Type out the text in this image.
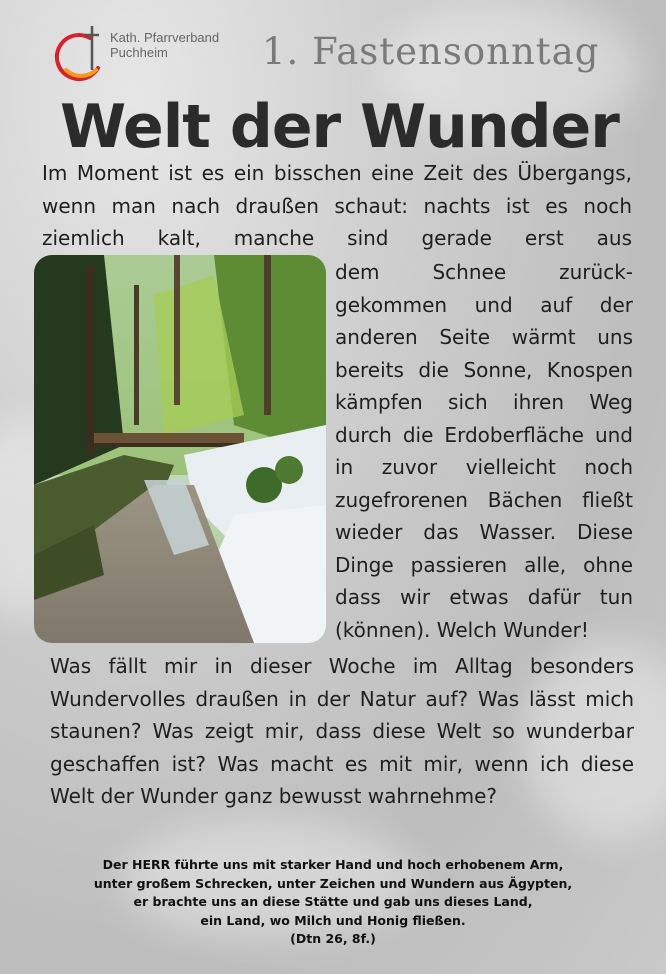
Kath. Pfarrverband
Puchheim	1. Fastensonntag
Welt der Wunder
Im Moment ist es ein bisschen eine Zeit des Übergangs, wenn man nach draußen schaut: nachts ist es noch ziemlich kalt, manche sind gerade erst aus
dem Schnee zurück-gekommen und auf der anderen Seite wärmt uns bereits die Sonne, Knospen kämpfen sich ihren Weg durch die Erdoberfläche und in zuvor vielleicht noch zugefrorenen Bächen fließt wieder das Wasser. Diese Dinge passieren alle, ohne dass wir etwas dafür tun (können). Welch Wunder!
Was fällt mir in dieser Woche im Alltag besonders Wundervolles draußen in der Natur auf? Was lässt mich staunen? Was zeigt mir, dass diese Welt so wunderbar geschaffen ist? Was macht es mit mir, wenn ich diese Welt der Wunder ganz bewusst wahrnehme?
Der HERR führte uns mit starker Hand und hoch erhobenem Arm,
unter großem Schrecken, unter Zeichen und Wundern aus Ägypten,
er brachte uns an diese Stätte und gab uns dieses Land,
ein Land, wo Milch und Honig fließen.
(Dtn 26, 8f.)
